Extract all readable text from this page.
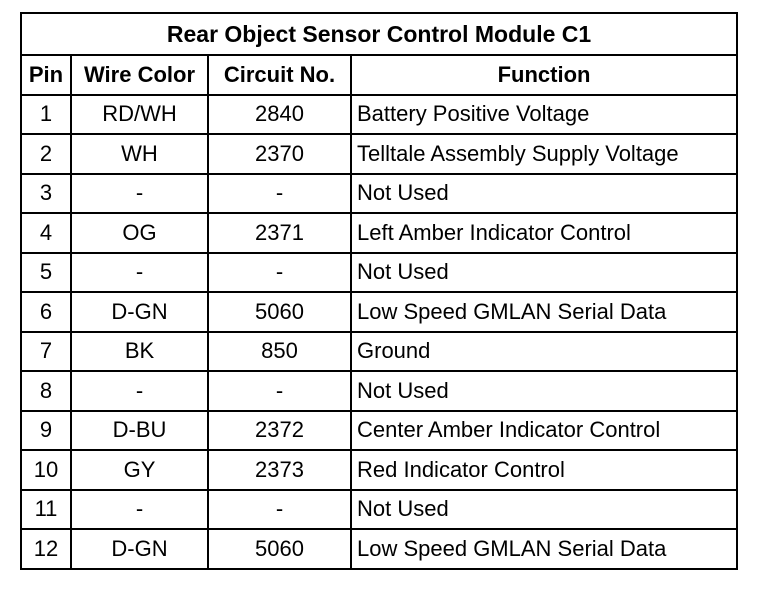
Rear Object Sensor Control Module C1			
Pin	Wire Color	Circuit No.	Function
1	RD/WH	2840	Battery Positive Voltage
2	WH	2370	Telltale Assembly Supply Voltage
3	-	-	Not Used
4	OG	2371	Left Amber Indicator Control
5	-	-	Not Used
6	D-GN	5060	Low Speed GMLAN Serial Data
7	BK	850	Ground
8	-	-	Not Used
9	D-BU	2372	Center Amber Indicator Control
10	GY	2373	Red Indicator Control
11	-	-	Not Used
12	D-GN	5060	Low Speed GMLAN Serial Data
